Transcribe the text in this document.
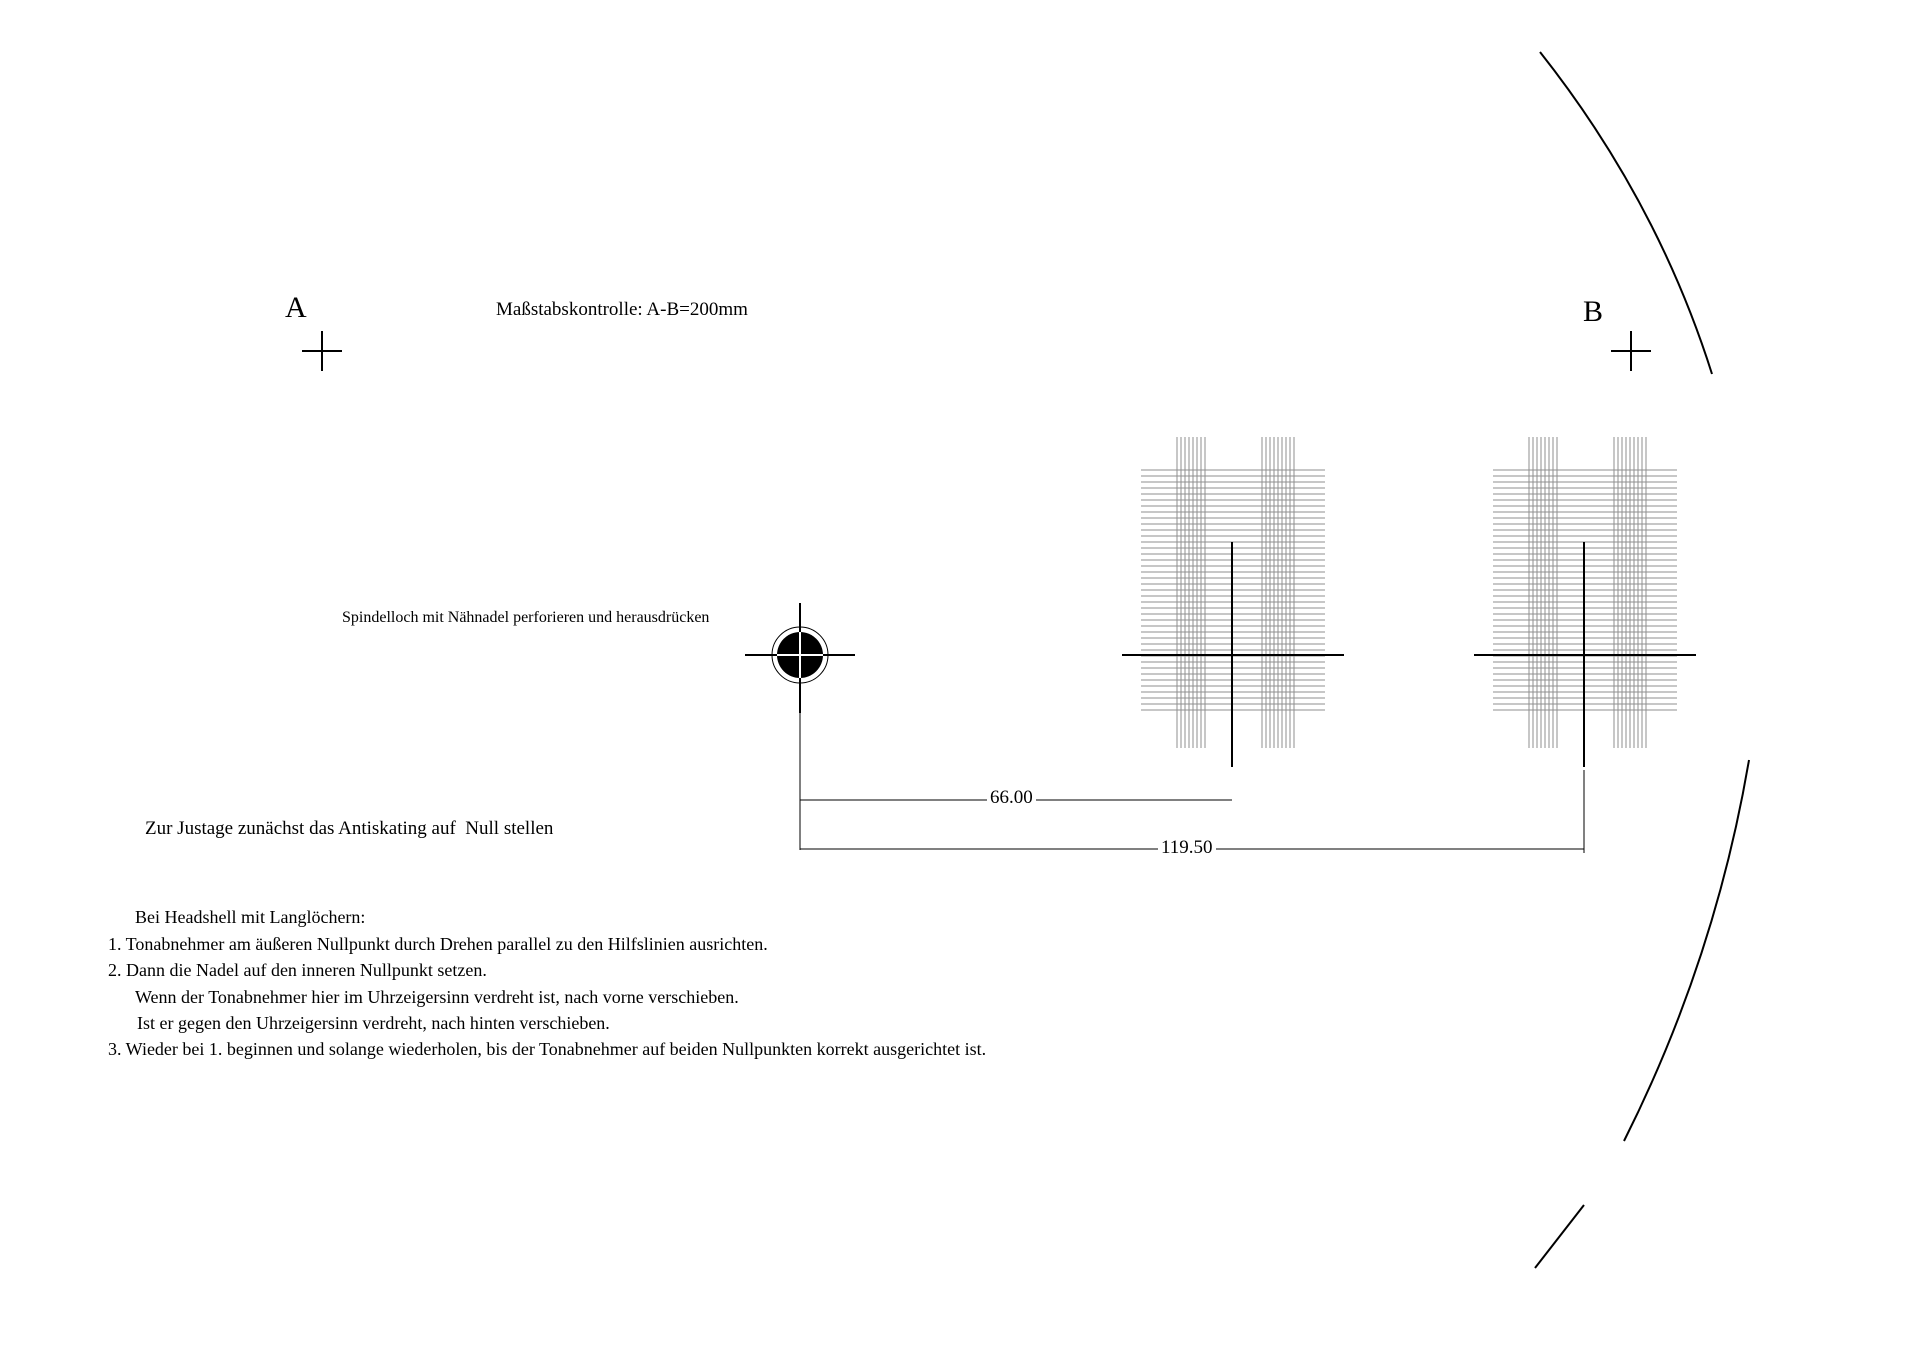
A	B
Maßstabskontrolle: A-B=200mm
Spindelloch mit Nähnadel perforieren und herausdrücken
Zur Justage zunächst das Antiskating auf  Null stellen
66.00
119.50
Bei Headshell mit Langlöchern:
1. Tonabnehmer am äußeren Nullpunkt durch Drehen parallel zu den Hilfslinien ausrichten.
2. Dann die Nadel auf den inneren Nullpunkt setzen.
Wenn der Tonabnehmer hier im Uhrzeigersinn verdreht ist, nach vorne verschieben.
Ist er gegen den Uhrzeigersinn verdreht, nach hinten verschieben.
3. Wieder bei 1. beginnen und solange wiederholen, bis der Tonabnehmer auf beiden Nullpunkten korrekt ausgerichtet ist.
